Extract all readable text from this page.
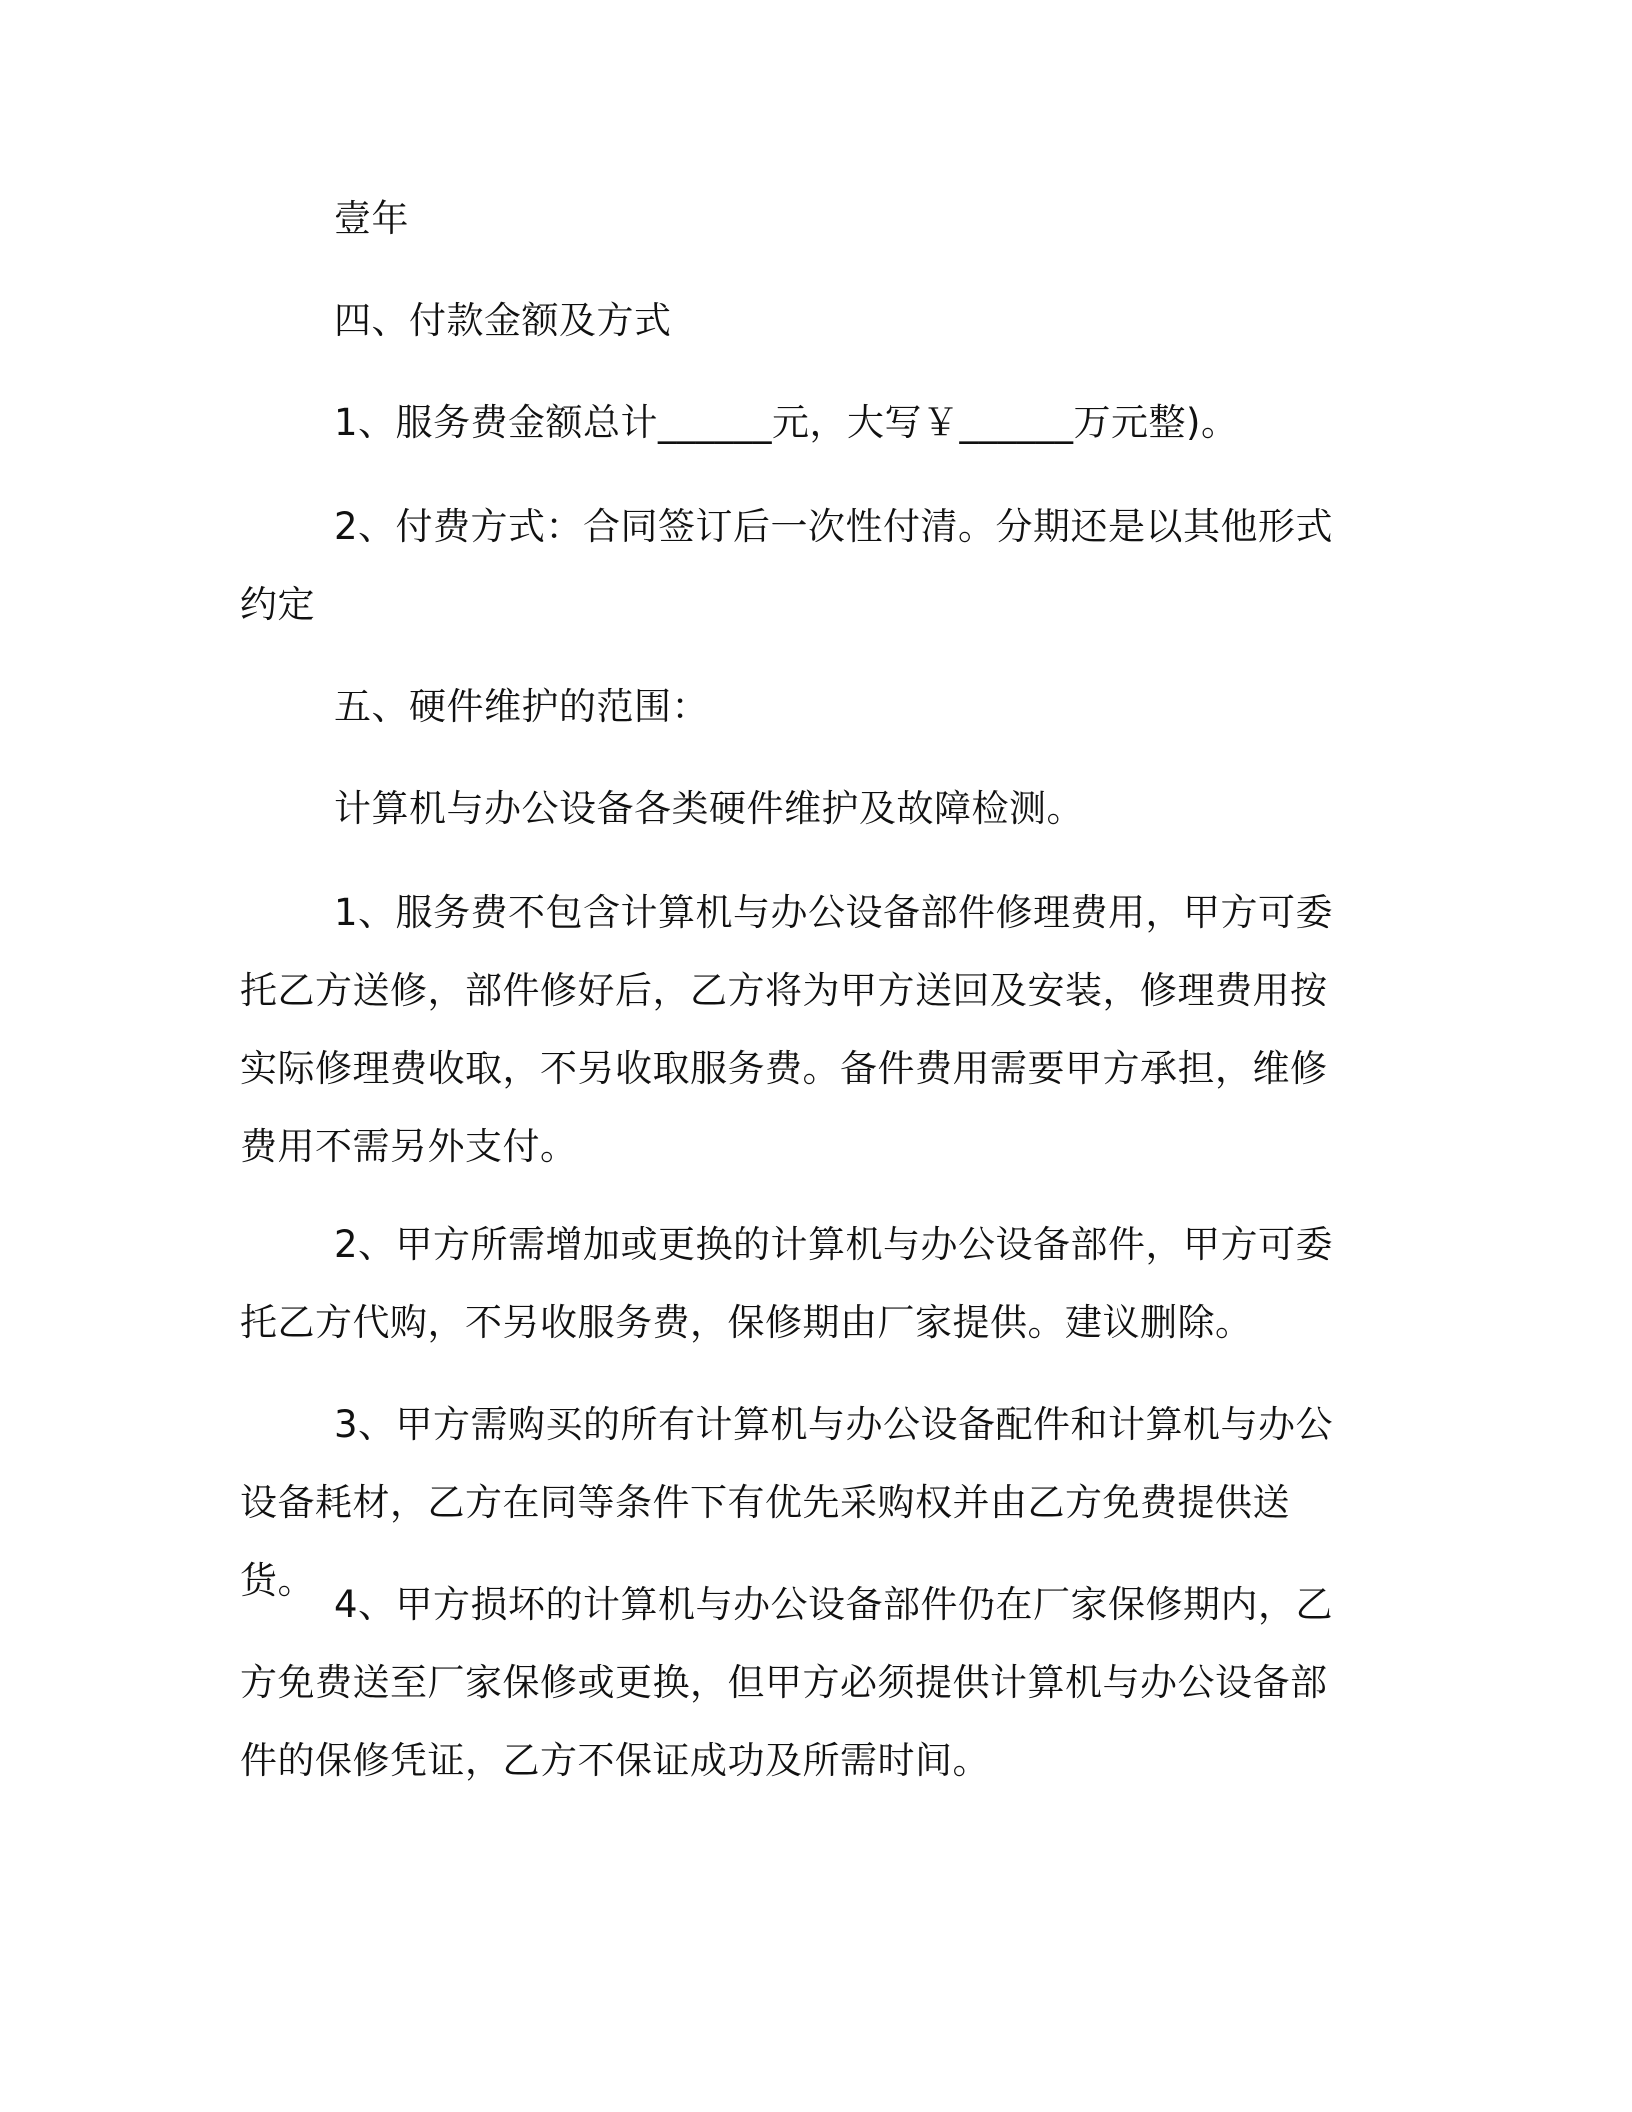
壹年

四、付款金额及方式

1、服务费金额总计______元，大写￥______万元整)。

2、付费方式：合同签订后一次性付清。分期还是以其他形式约定

五、硬件维护的范围：

计算机与办公设备各类硬件维护及故障检测。

1、服务费不包含计算机与办公设备部件修理费用，甲方可委托乙方送修，部件修好后，乙方将为甲方送回及安装，修理费用按实际修理费收取，不另收取服务费。备件费用需要甲方承担，维修费用不需另外支付。

2、甲方所需增加或更换的计算机与办公设备部件，甲方可委托乙方代购，不另收服务费，保修期由厂家提供。建议删除。

3、甲方需购买的所有计算机与办公设备配件和计算机与办公设备耗材，乙方在同等条件下有优先采购权并由乙方免费提供送货。

4、甲方损坏的计算机与办公设备部件仍在厂家保修期内，乙方免费送至厂家保修或更换，但甲方必须提供计算机与办公设备部件的保修凭证，乙方不保证成功及所需时间。
